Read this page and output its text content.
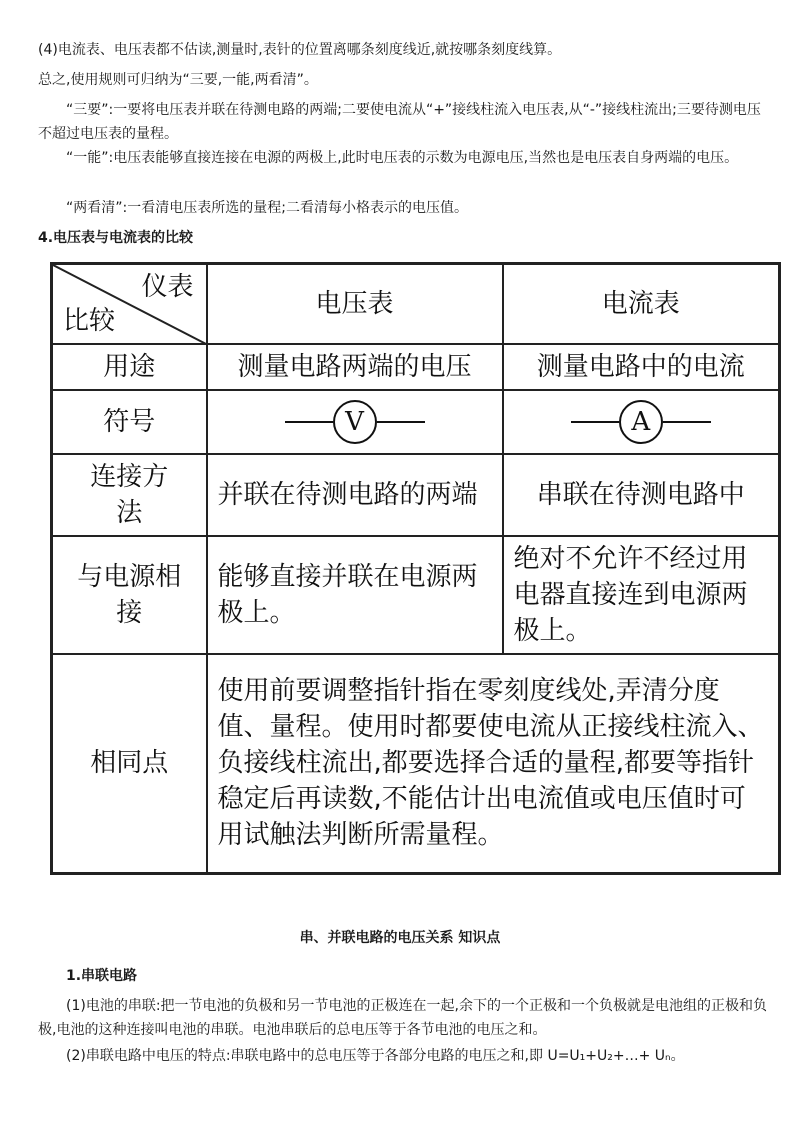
(4)电流表、电压表都不估读,测量时,表针的位置离哪条刻度线近,就按哪条刻度线算。

总之,使用规则可归纳为“三要,一能,两看清”。

“三要”:一要将电压表并联在待测电路的两端;二要使电流从“+”接线柱流入电压表,从“-”接线柱流出;三要待测电压不超过电压表的量程。

“一能”:电压表能够直接连接在电源的两极上,此时电压表的示数为电源电压,当然也是电压表自身两端的电压。

“两看清”:一看清电压表所选的量程;二看清每小格表示的电压值。

4.电压表与电流表的比较

仪表
比较	电压表	电流表
用途	测量电路两端的电压	测量电路中的电流
符号	V	A

连接方法	并联在待测电路的两端	串联在待测电路中
与电源相接	能够直接并联在电源两极上。	绝对不允许不经过用电器直接连到电源两极上。
相同点	使用前要调整指针指在零刻度线处,弄清分度值、量程。使用时都要使电流从正接线柱流入、负接线柱流出,都要选择合适的量程,都要等指针稳定后再读数,不能估计出电流值或电压值时可用试触法判断所需量程。	

串、并联电路的电压关系 知识点

1.串联电路

(1)电池的串联:把一节电池的负极和另一节电池的正极连在一起,余下的一个正极和一个负极就是电池组的正极和负极,电池的这种连接叫电池的串联。电池串联后的总电压等于各节电池的电压之和。

(2)串联电路中电压的特点:串联电路中的总电压等于各部分电路的电压之和,即 U=U₁+U₂+…+ Uₙ。
